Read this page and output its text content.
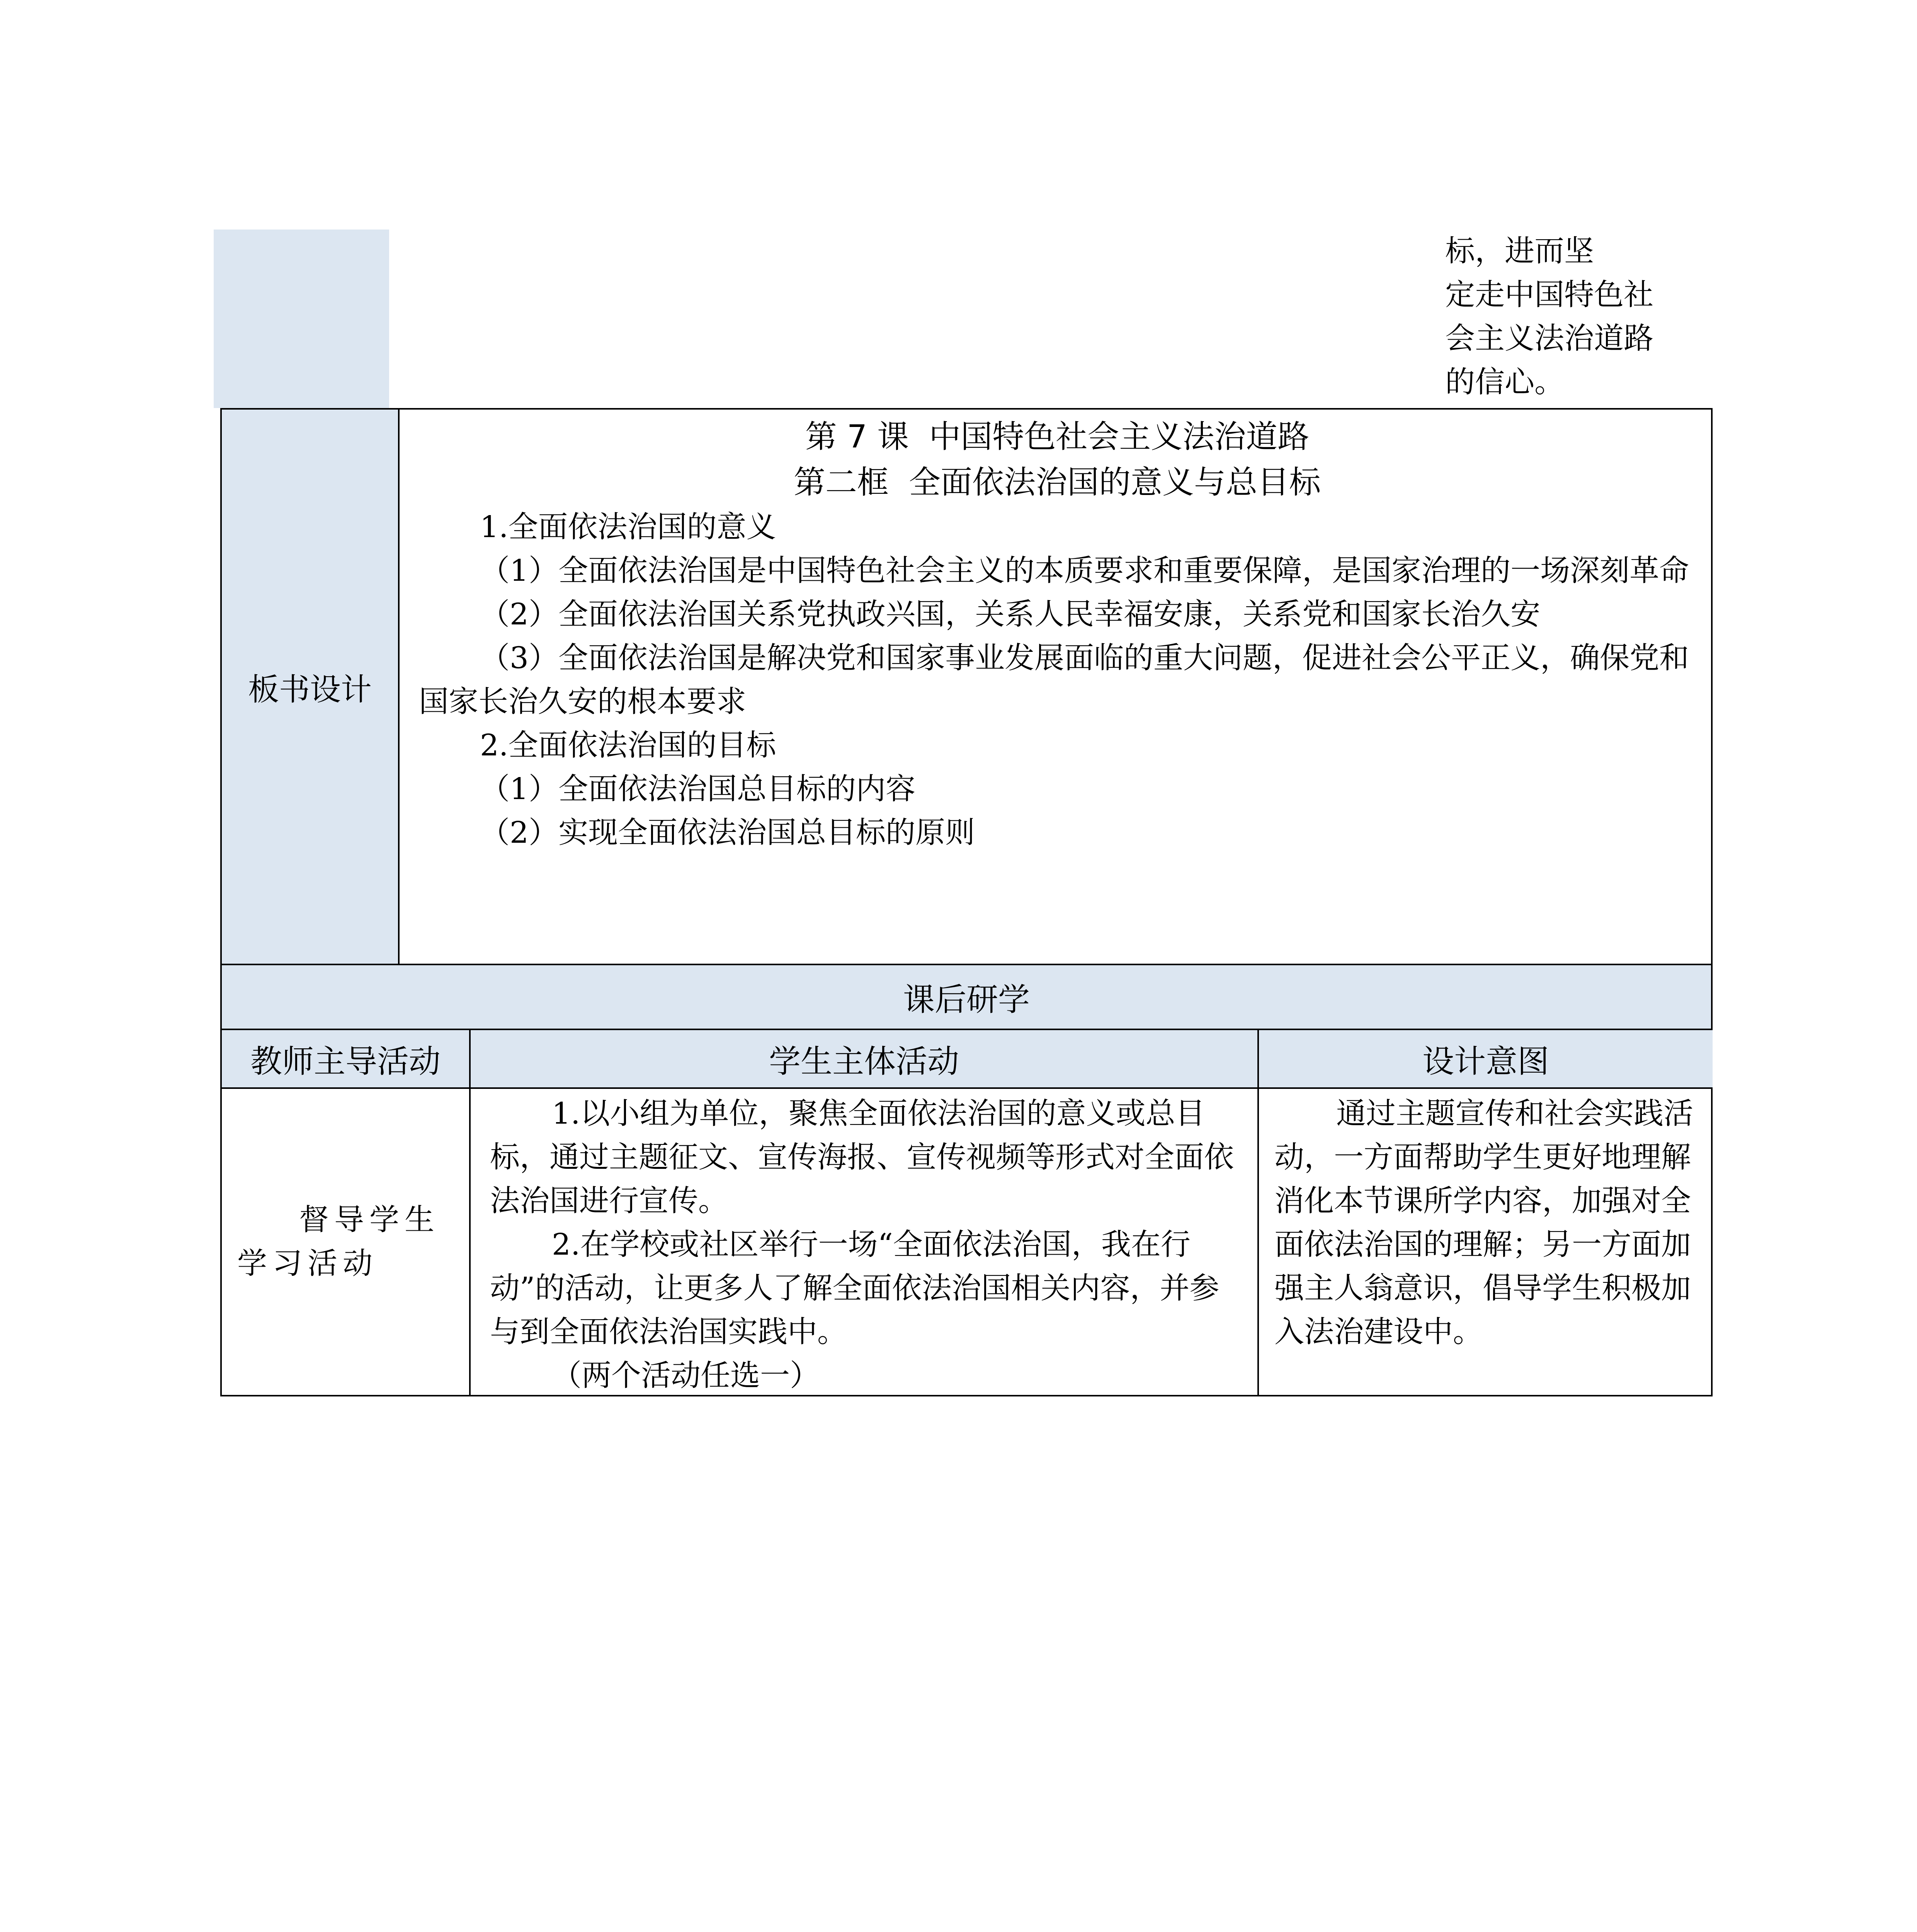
标，进而坚
定走中国特色社
会主义法治道路
的信心。
板书设计
第 7 课  中国特色社会主义法治道路
第二框  全面依法治国的意义与总目标
1.全面依法治国的意义
（1）全面依法治国是中国特色社会主义的本质要求和重要保障，是国家治理的一场深刻革命
（2）全面依法治国关系党执政兴国，关系人民幸福安康，关系党和国家长治久安
（3）全面依法治国是解决党和国家事业发展面临的重大问题，促进社会公平正义，确保党和国家长治久安的根本要求
2.全面依法治国的目标
（1）全面依法治国总目标的内容
（2）实现全面依法治国总目标的原则
课后研学
教师主导活动	学生主体活动	设计意图
督导学生学习活动

1.以小组为单位，聚焦全面依法治国的意义或总目标，通过主题征文、宣传海报、宣传视频等形式对全面依法治国进行宣传。

2.在学校或社区举行一场“全面依法治国，我在行动”的活动，让更多人了解全面依法治国相关内容，并参与到全面依法治国实践中。

（两个活动任选一）

通过主题宣传和社会实践活动，一方面帮助学生更好地理解消化本节课所学内容，加强对全面依法治国的理解；另一方面加强主人翁意识，倡导学生积极加入法治建设中。
